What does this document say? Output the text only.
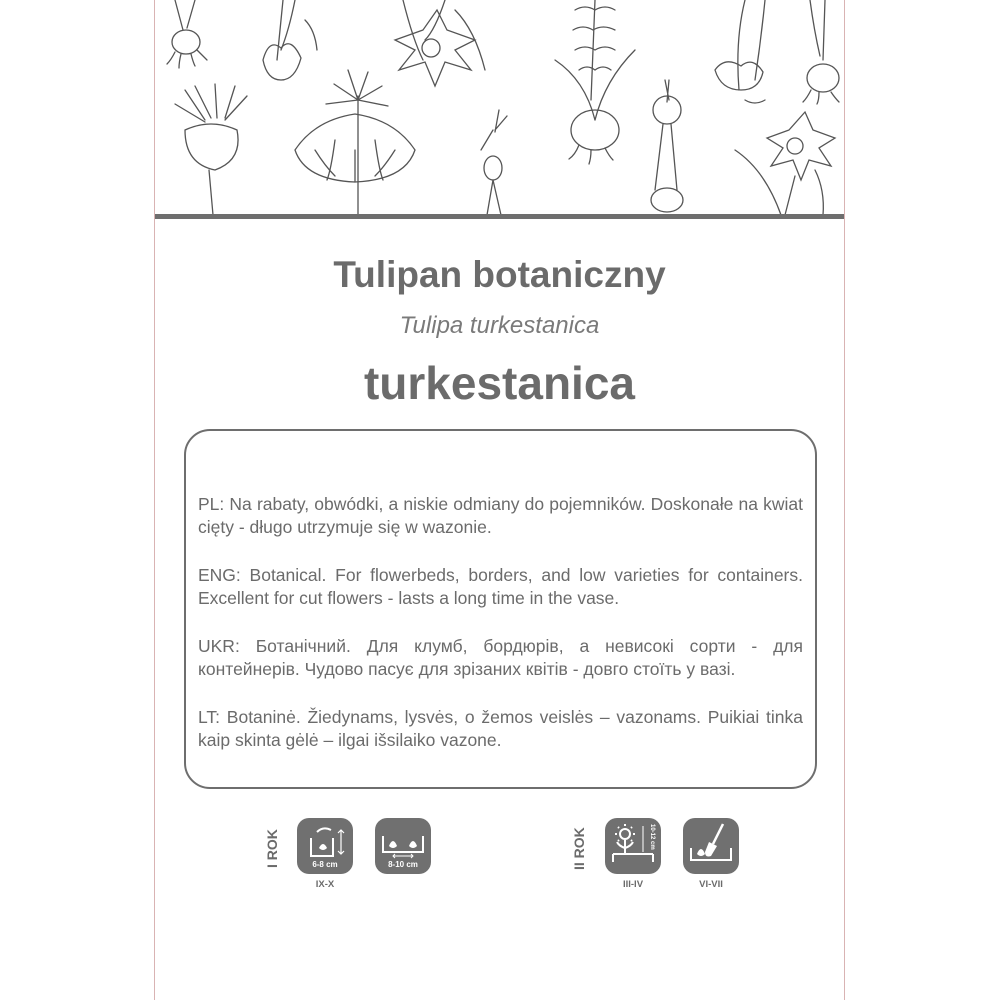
Tulipan botaniczny
Tulipa turkestanica
turkestanica

PL: Na rabaty, obwódki, a niskie odmiany do pojemników. Doskonałe na kwiat cięty - długo utrzymuje się w wazonie.

ENG: Botanical. For flowerbeds, borders, and low varieties for containers. Excellent for cut flowers - lasts a long time in the vase.

UKR: Ботанічний. Для клумб, бордюрів, а невисокі сорти - для контейнерів. Чудово пасує для зрізаних квітів - довго стоїть у вазі.

LT: Botaninė. Žiedynams, lysvės, o žemos veislės – vazonams. Puikiai tinka kaip skinta gėlė – ilgai išsilaiko vazone.

I ROK	6-8 cm
IX-X
8-10 cm	II ROK	10-12 cm
III-IV	VI-VII
